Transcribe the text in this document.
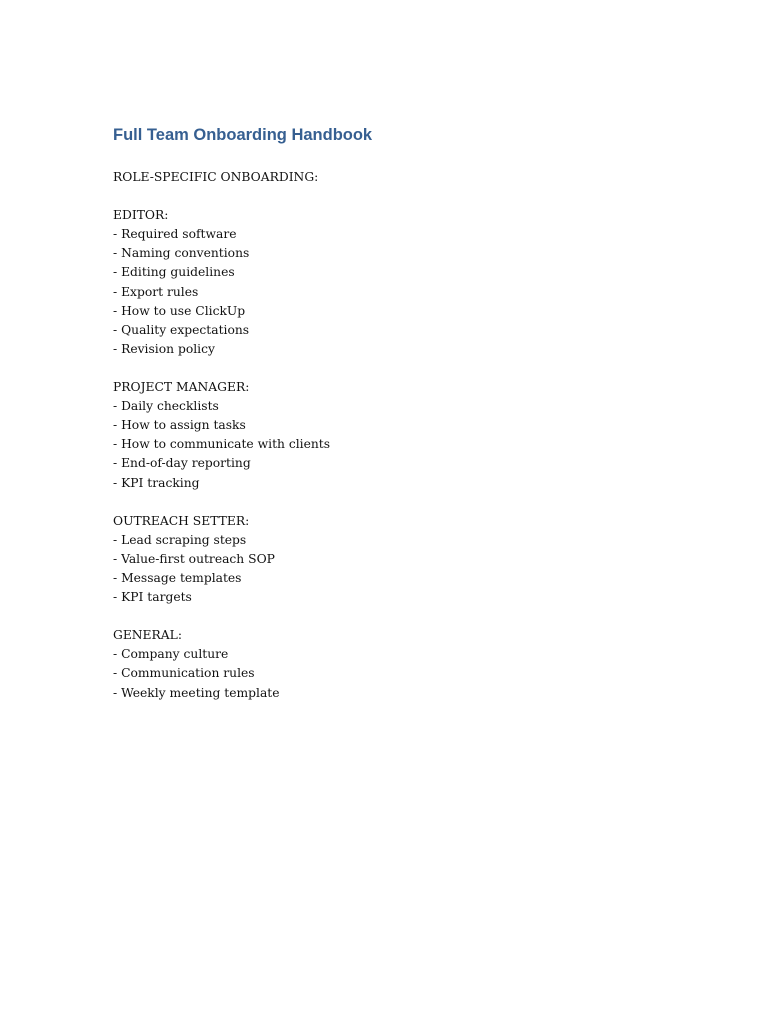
Full Team Onboarding Handbook
ROLE-SPECIFIC ONBOARDING:
EDITOR:
- Required software
- Naming conventions
- Editing guidelines
- Export rules
- How to use ClickUp
- Quality expectations
- Revision policy
PROJECT MANAGER:
- Daily checklists
- How to assign tasks
- How to communicate with clients
- End-of-day reporting
- KPI tracking
OUTREACH SETTER:
- Lead scraping steps
- Value-first outreach SOP
- Message templates
- KPI targets
GENERAL:
- Company culture
- Communication rules
- Weekly meeting template
